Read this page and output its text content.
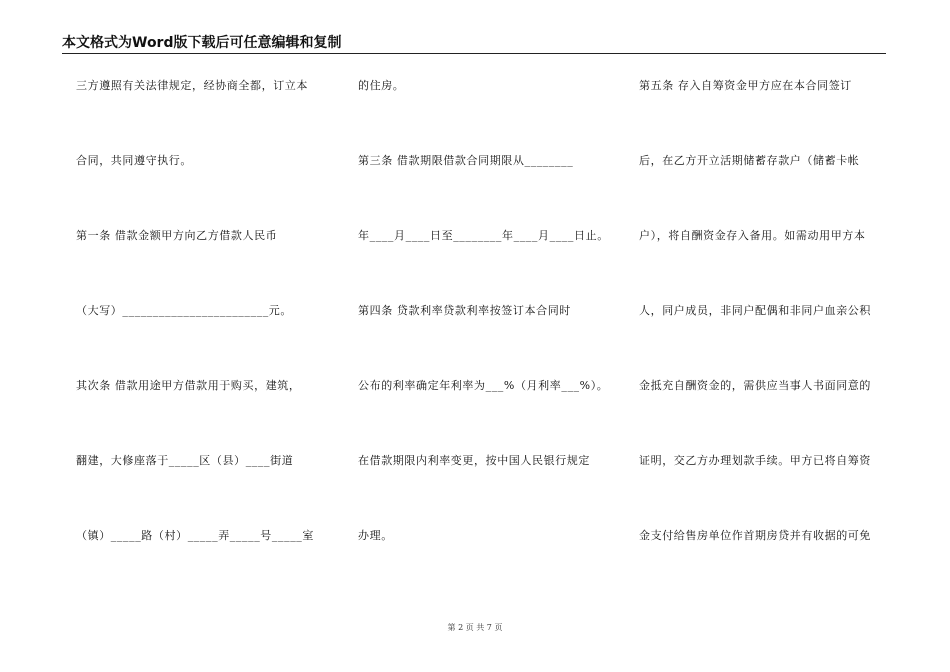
本文格式为Word版下载后可任意编辑和复制
三方遵照有关法律规定，经协商全都，订立本
合同，共同遵守执行。
第一条 借款金额甲方向乙方借款人民币
（大写）________________________元。
其次条 借款用途甲方借款用于购买，建筑，
翻建，大修座落于_____区（县）____街道
（镇）_____路（村）_____弄_____号_____室
的住房。
第三条 借款期限借款合同期限从________
年____月____日至________年____月____日止。
第四条 贷款利率贷款利率按签订本合同时
公布的利率确定年利率为___%（月利率___%）。
在借款期限内利率变更，按中国人民银行规定
办理。
第五条 存入自筹资金甲方应在本合同签订
后，在乙方开立活期储蓄存款户（储蓄卡帐
户），将自酬资金存入备用。如需动用甲方本
人，同户成员，非同户配偶和非同户血亲公积
金抵充自酬资金的，需供应当事人书面同意的
证明，交乙方办理划款手续。甲方已将自筹资
金支付给售房单位作首期房贷并有收据的可免
第 2 页 共 7 页
